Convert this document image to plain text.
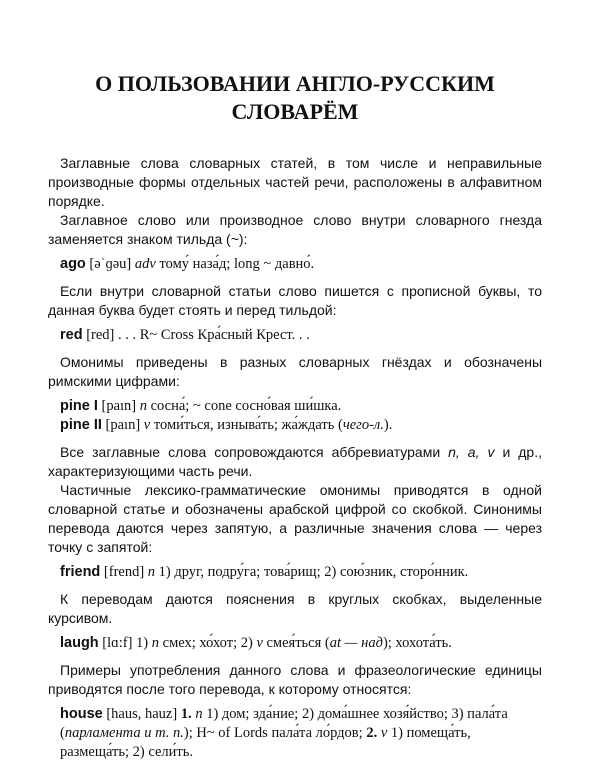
О ПОЛЬЗОВАНИИ АНГЛО-РУССКИМ
СЛОВАРЁМ

Заглавные слова словарных статей, в том числе и неправильные производные формы отдельных частей речи, расположены в алфавитном порядке.

Заглавное слово или производное слово внутри словарного гнезда заменяется знаком тильда (~):

ago [əˈɡəu] adv тому́ наза́д; long ~ давно́.

Если внутри словарной статьи слово пишется с прописной буквы, то данная буква будет стоять и перед тильдой:

red [red] . . . R~ Cross Кра́сный Крест. . .

Омонимы приведены в разных словарных гнёздах и обозначены римскими цифрами:

pine I [paın] n сосна́; ~ cone сосно́вая ши́шка.
pine II [paın] v томи́ться, изныва́ть; жа́ждать (чего-л.).

Все заглавные слова сопровождаются аббревиатурами n, a, v и др., характеризующими часть речи.

Частичные лексико-грамматические омонимы приводятся в одной словарной статье и обозначены арабской цифрой со скобкой. Синонимы перевода даются через запятую, а различные значения слова — через точку с запятой:

friend [frend] n 1) друг, подру́га; това́рищ; 2) сою́зник, сторо́нник.

К переводам даются пояснения в круглых скобках, выделенные курсивом.

laugh [lɑ:f] 1) n смех; хо́хот; 2) v смея́ться (at — над); хохота́ть.

Примеры употребления данного слова и фразеологические единицы приводятся после того перевода, к которому относятся:

house [haus, hauz] 1. n 1) дом; зда́ние; 2) дома́шнее хозя́йство; 3) пала́та (парламента и т. п.); H~ of Lords пала́та ло́рдов; 2. v 1) помеща́ть, размеща́ть; 2) сели́ть.
